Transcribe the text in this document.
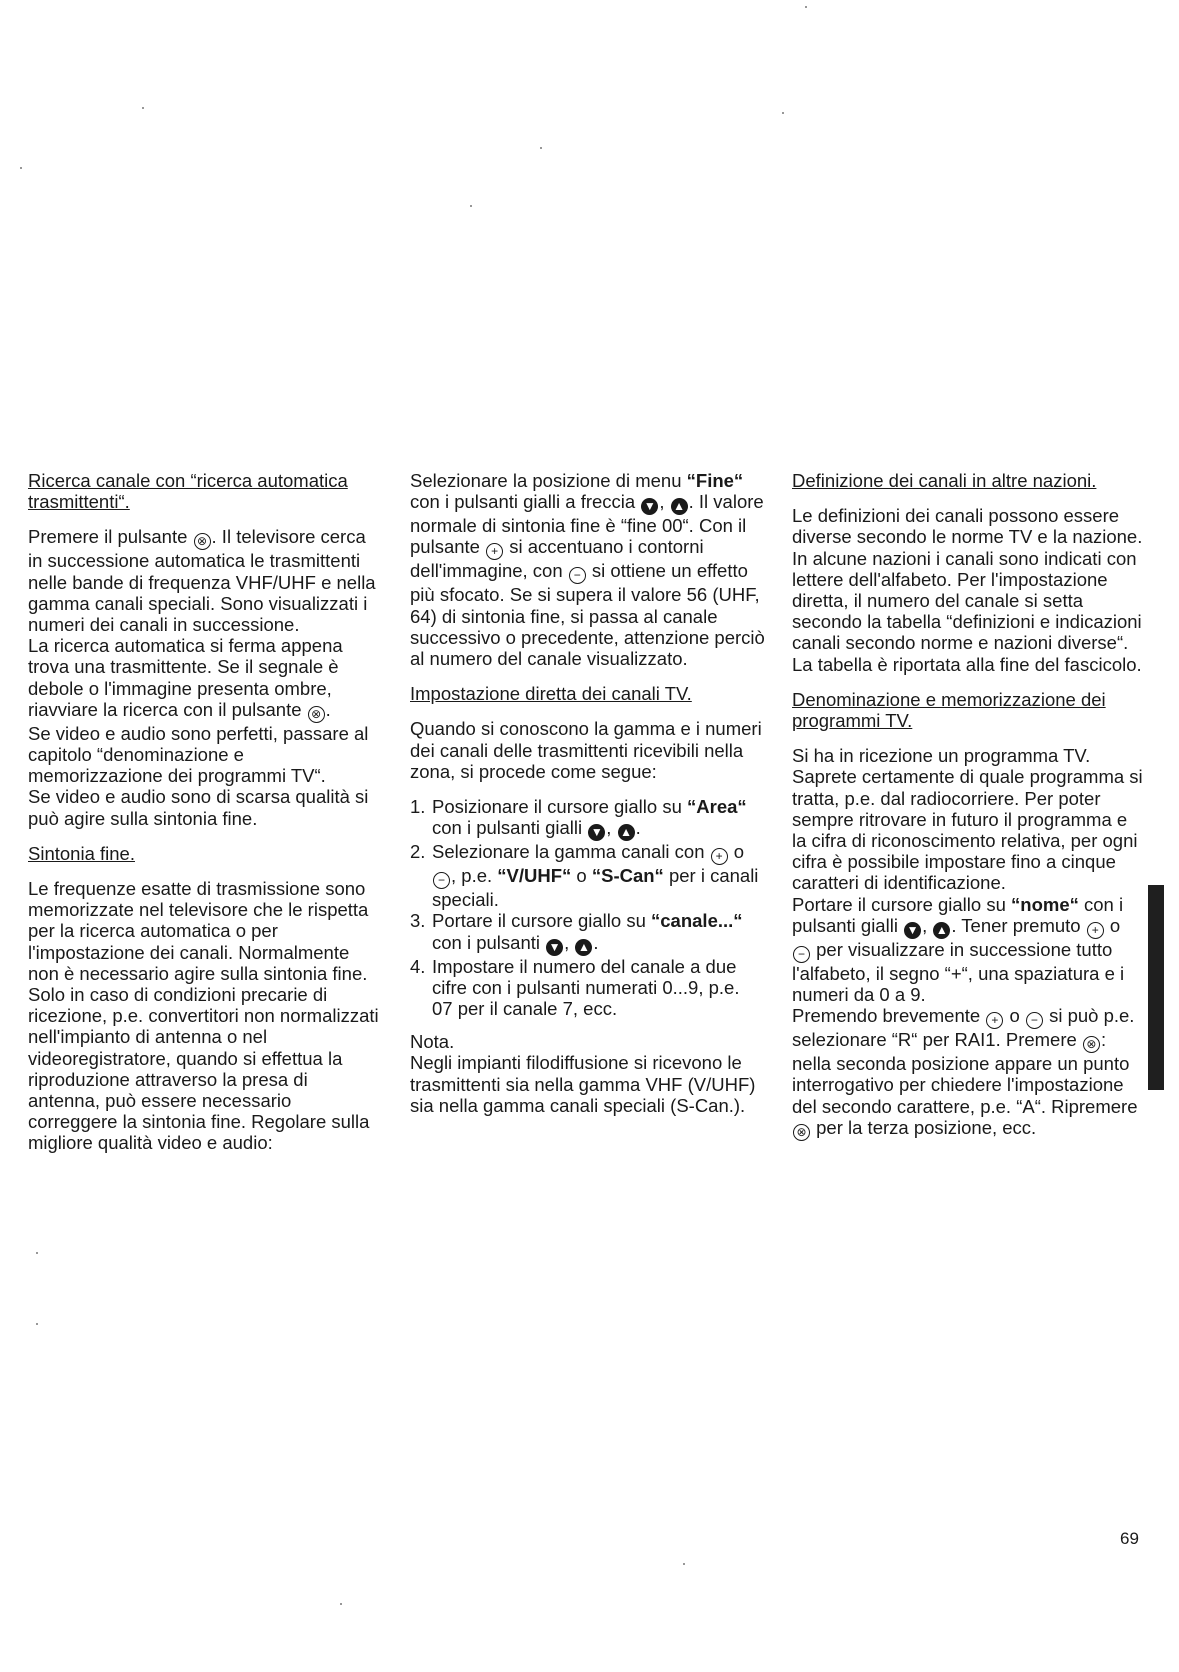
Ricerca canale con “ricerca automatica trasmittenti“.

Premere il pulsante ⊗ . Il televisore cerca in successione automatica le trasmittenti nelle bande di frequenza VHF/UHF e nella gamma canali speciali. Sono visualizzati i numeri dei canali in successione.

La ricerca automatica si ferma appena trova una trasmittente. Se il segnale è debole o l'immagine presenta ombre, riavviare la ricerca con il pulsante ⊗ .

Se video e audio sono perfetti, passare al capitolo “denominazione e memorizzazione dei programmi TV“.

Se video e audio sono di scarsa qualità si può agire sulla sintonia fine.

Sintonia fine.

Le frequenze esatte di trasmissione sono memorizzate nel televisore che le rispetta per la ricerca automatica o per l'impostazione dei canali. Normalmente non è necessario agire sulla sintonia fine. Solo in caso di condizioni precarie di ricezione, p.e. convertitori non normalizzati nell'impianto di antenna o nel videoregistratore, quando si effettua la riproduzione attraverso la presa di antenna, può essere necessario correggere la sintonia fine. Regolare sulla migliore qualità video e audio:

Selezionare la posizione di menu “Fine“ con i pulsanti gialli a freccia ▼ , ▲ . Il valore normale di sintonia fine è “fine 00“. Con il pulsante + si accentuano i contorni dell'immagine, con − si ottiene un effetto più sfocato. Se si supera il valore 56 (UHF, 64) di sintonia fine, si passa al canale successivo o precedente, attenzione perciò al numero del canale visualizzato.

Impostazione diretta dei canali TV.

Quando si conoscono la gamma e i numeri dei canali delle trasmittenti ricevibili nella zona, si procede come segue:

1. Posizionare il cursore giallo su “Area“ con i pulsanti gialli ▼ , ▲ .
2. Selezionare la gamma canali con + o − , p.e. “V/UHF“ o “S-Can“ per i canali speciali.
3. Portare il cursore giallo su “canale...“ con i pulsanti ▼ , ▲ .
4. Impostare il numero del canale a due cifre con i pulsanti numerati 0...9, p.e. 07 per il canale 7, ecc.

Nota.

Negli impianti filodiffusione si ricevono le trasmittenti sia nella gamma VHF (V/UHF) sia nella gamma canali speciali (S-Can.).

Definizione dei canali in altre nazioni.

Le definizioni dei canali possono essere diverse secondo le norme TV e la nazione. In alcune nazioni i canali sono indicati con lettere dell'alfabeto. Per l'impostazione diretta, il numero del canale si setta secondo la tabella “definizioni e indicazioni canali secondo norme e nazioni diverse“. La tabella è riportata alla fine del fascicolo.

Denominazione e memorizzazione dei programmi TV.

Si ha in ricezione un programma TV. Saprete certamente di quale programma si tratta, p.e. dal radiocorriere. Per poter sempre ritrovare in futuro il programma e la cifra di riconoscimento relativa, per ogni cifra è possibile impostare fino a cinque caratteri di identificazione.

Portare il cursore giallo su “nome“ con i pulsanti gialli ▼ , ▲ . Tener premuto + o − per visualizzare in successione tutto l'alfabeto, il segno “+“, una spaziatura e i numeri da 0 a 9.

Premendo brevemente + o − si può p.e. selezionare “R“ per RAI1. Premere ⊗ : nella seconda posizione appare un punto interrogativo per chiedere l'impostazione del secondo carattere, p.e. “A“. Ripremere ⊗ per la terza posizione, ecc.

69
